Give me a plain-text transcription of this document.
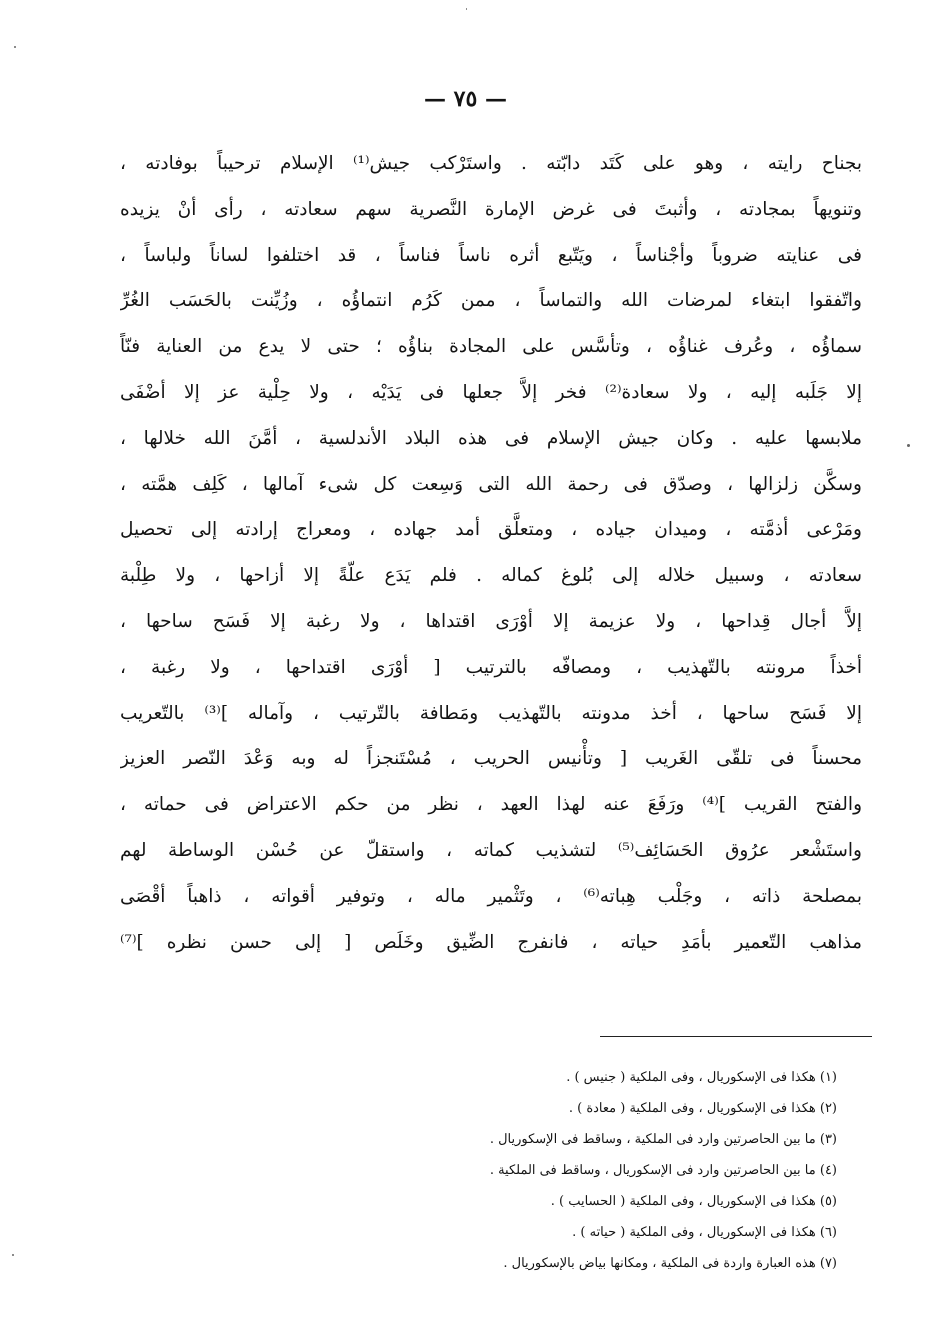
— ٧٥ —
بجناح رايته ، وهو على كَتَد دابّته . واستَرْكب جيش⁽¹⁾ الإسلام ترحيباً بوفادته ،
وتنويهاً بمجادته ، وأثبتَ فى غرض الإمارة النَّصرية سهم سعادته ، رأى أنْ يزيده
فى عنايته ضروباً وأجْناساً ، ويَتّبع أثره ناساً فناساً ، قد اختلفوا لساناً ولباساً ،
واتّفقوا ابتغاء لمرضات الله والتماساً ، ممن كَرُم انتماؤُه ، وزُيِّنت بالحَسَب الغُرِّ
سماؤُه ، وعُرف غناؤُه ، وتأسَّس على المجادة بناؤُه ؛ حتى لا يدع من العناية فنّاً
إلا جَلَبه إليه ، ولا سعادة⁽²⁾ فخر إلاَّ جعلها فى يَدَيْه ، ولا حِلْية عز إلا أضْفَى
ملابسها عليه . وكان جيش الإسلام فى هذه البلاد الأندلسية ، أمَّنَ الله خلالها ،
وسكَّن زلزالها ، وصدّق فى رحمة الله التى وَسِعت كل شىء آمالها ، كَلِف همَّته ،
ومَرْعى أذمَّته ، وميدان جياده ، ومتعلَّق أمد جهاده ، ومعراج إرادته إلى تحصيل
سعادته ، وسبيل خلاله إلى بُلوغ كماله . فلم يَدَع علّةً إلا أزاحها ، ولا طِلْبة
إلاَّ أجال قِداحها ، ولا عزيمة إلا أوْرَى اقتداها ، ولا رغبة إلا فَسَح ساحها ،
أخذاً مرونته بالتّهذيب ، ومصافّه بالترتيب [ أوْرَى اقتداحها ، ولا رغبة ،
إلا فَسَح ساحها ، أخذ مدونته بالتّهذيب ومَطافة بالتّرتيب ، وآماله ]⁽³⁾ بالتّعريب
محسناً فى تلقّى الغَريب [ وتأْنيس الحريب ، مُسْتَنجزاً له وبه وَعْدَ النّصر العزيز
والفتح القريب ]⁽⁴⁾ ورَفَعَ عنه لهذا العهد ، نظر من حكم الاعتراض فى حماته ،
واستَشْعر عرُوق الحَسَائِف⁽⁵⁾ لتشذيب كماته ، واستقلّ عن حُسْن الوساطة لهم
بمصلحة ذاته ، وجَلْب هِباته⁽⁶⁾ ، وتَثْمير ماله ، وتوفير أقواته ، ذاهباً أقْصَى
مذاهب التّعمير بأمَدِ حياته ، فانفرج الضِّيق وخَلَص [ إلى حسن نظره ]⁽⁷⁾
(١) هكذا فى الإسكوريال ، وفى الملكية ( جنيس ) .
(٢) هكذا فى الإسكوريال ، وفى الملكية ( معادة ) .
(٣) ما بين الحاصرتين وارد فى الملكية ، وساقط فى الإسكوريال .
(٤) ما بين الحاصرتين وارد فى الإسكوريال ، وساقط فى الملكية .
(٥) هكذا فى الإسكوريال ، وفى الملكية ( الحسايب ) .
(٦) هكذا فى الإسكوريال ، وفى الملكية ( حياته ) .
(٧) هذه العبارة واردة فى الملكية ، ومكانها بياض بالإسكوريال .
